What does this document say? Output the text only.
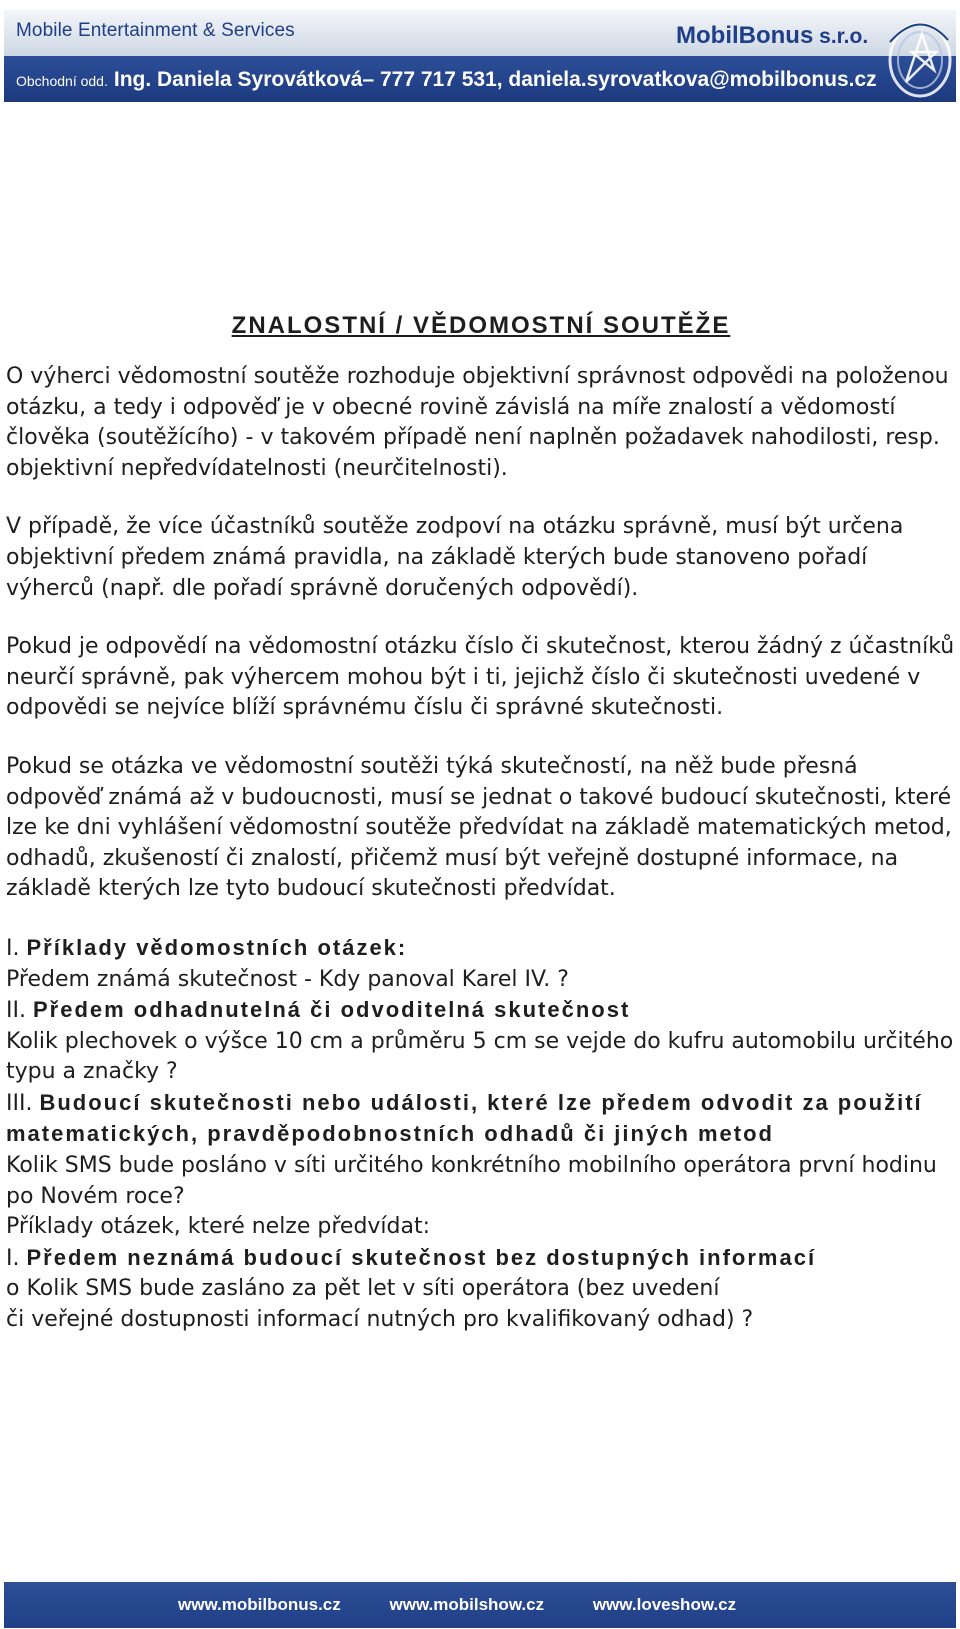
Mobile Entertainment & Services	MobilBonus s.r.o.
Obchodní odd. Ing. Daniela Syrovátková– 777 717 531, daniela.syrovatkova@mobilbonus.cz
ZNALOSTNÍ / VĚDOMOSTNÍ SOUTĚŽE

O výherci vědomostní soutěže rozhoduje objektivní správnost odpovědi na položenou otázku, a tedy i odpověď je v obecné rovině závislá na míře znalostí a vědomostí člověka (soutěžícího) - v takovém případě není naplněn požadavek nahodilosti, resp. objektivní nepředvídatelnosti (neurčitelnosti).

V případě, že více účastníků soutěže zodpoví na otázku správně, musí být určena objektivní předem známá pravidla, na základě kterých bude stanoveno pořadí výherců (např. dle pořadí správně doručených odpovědí).

Pokud je odpovědí na vědomostní otázku číslo či skutečnost, kterou žádný z účastníků neurčí správně, pak výhercem mohou být i ti, jejichž číslo či skutečnosti uvedené v odpovědi se nejvíce blíží správnému číslu či správné skutečnosti.

Pokud se otázka ve vědomostní soutěži týká skutečností, na něž bude přesná odpověď známá až v budoucnosti, musí se jednat o takové budoucí skutečnosti, které lze ke dni vyhlášení vědomostní soutěže předvídat na základě matematických metod, odhadů, zkušeností či znalostí, přičemž musí být veřejně dostupné informace, na základě kterých lze tyto budoucí skutečnosti předvídat.

I. Příklady vědomostních otázek:

Předem známá skutečnost - Kdy panoval Karel IV. ?

II. Předem odhadnutelná či odvoditelná skutečnost

Kolik plechovek o výšce 10 cm a průměru 5 cm se vejde do kufru automobilu určitého typu a značky ?

III. Budoucí skutečnosti nebo události, které lze předem odvodit za použití matematických, pravděpodobnostních odhadů či jiných metod

Kolik SMS bude posláno v síti určitého konkrétního mobilního operátora první hodinu po Novém roce?

Příklady otázek, které nelze předvídat:

I. Předem neznámá budoucí skutečnost bez dostupných informací

o Kolik SMS bude zasláno za pět let v síti operátora (bez uvedení

či veřejné dostupnosti informací nutných pro kvalifikovaný odhad) ?

www.mobilbonus.cz	www.mobilshow.cz	www.loveshow.cz
